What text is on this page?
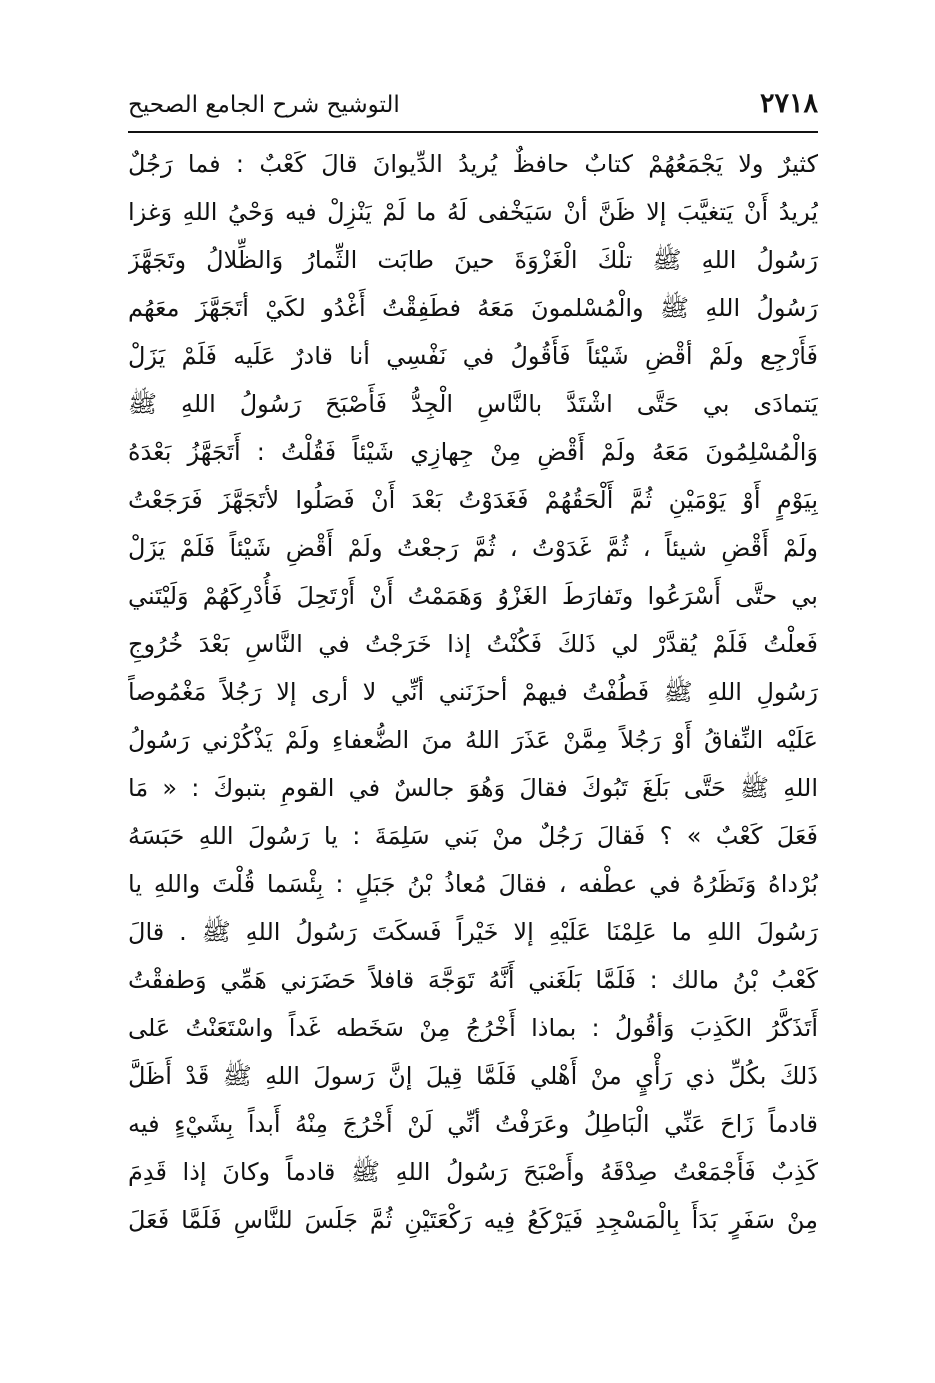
٢٧١٨
التوشيح شرح الجامع الصحيح
كثيرٌ ولا يَجْمَعُهُمْ كتابٌ حافظٌ يُريدُ الدِّيوانَ قالَ كَعْبٌ : فما رَجُلٌ
يُريدُ أَنْ يَتغيَّبَ إلا ظَنَّ أنْ سَيَخْفى لَهُ ما لَمْ يَنْزِلْ فيه وَحْيُ اللهِ وَغزا
رَسُولُ اللهِ ﷺ تلْكَ الْغَزْوَةَ حينَ طابَت الثِّمارُ وَالظِّلالُ وتَجَهَّزَ
رَسُولُ اللهِ ﷺ والْمُسْلمونَ مَعَهُ فطَفِقْتُ أَغْدُو لكَيْ أتَجَهَّزَ معَهُم
فَأَرْجِع ولَمْ أقْضِ شَيْئاً فَأَقُولُ في نَفْسِي أنا قادرٌ عَلَيه فَلَمْ يَزَلْ
يَتمادَى بي حَتَّى اشْتَدَّ بالنَّاسِ الْجِدُّ فَأَصْبَحَ رَسُولُ اللهِ ﷺ
وَالْمُسْلِمُونَ مَعَهُ ولَمْ أَقْضِ مِنْ جِهازِي شَيْئاً فَقُلْتُ : أَتَجَهَّزُ بَعْدَهُ
بِيَوْمٍ أَوْ يَوْمَيْنِ ثُمَّ أَلْحَقُهُمْ فَغَدَوْتُ بَعْدَ أَنْ فَصَلُوا لأتَجَهَّزَ فَرَجَعْتُ
ولَمْ أَقْضِ شيئاً ، ثُمَّ غَدَوْتُ ، ثُمَّ رَجعْتُ ولَمْ أَقْضِ شَيْئاً فَلَمْ يَزَلْ
بي حتَّى أَسْرَعُوا وتَفارَطَ الغَزْوُ وَهَمَمْتُ أَنْ أَرْتَحِلَ فَأُدْرِكَهُمْ وَلَيْتَني
فَعلْتُ فَلَمْ يُقدَّرْ لي ذَلكَ فَكُنْتُ إذا خَرَجْتُ في النَّاسِ بَعْدَ خُرُوجِ
رَسُولِ اللهِ ﷺ فَطُفْتُ فيهمْ أحزَنَني أنِّي لا أرى إلا رَجُلاً مَغْمُوصاً
عَلَيْه النِّفاقُ أَوْ رَجُلاً مِمَّنْ عَذَرَ اللهُ منَ الضُّعفاءِ ولَمْ يَذْكُرْني رَسُولُ
اللهِ ﷺ حَتَّى بَلَغَ تَبُوكَ فقالَ وَهُوَ جالسٌ في القومِ بتبوكَ : « مَا
فَعَلَ كَعْبٌ » ؟ فَقالَ رَجُلٌ منْ بَني سَلِمَةَ : يا رَسُولَ اللهِ حَبَسَهُ
بُرْداهُ وَنَظَرُهُ في عطْفه ، فقالَ مُعاذُ بْنُ جَبَلٍ : بِئْسَما قُلْتَ واللهِ يا
رَسُولَ اللهِ ما عَلِمْنَا عَلَيْهِ إلا خَيْراً فَسكَتَ رَسُولُ اللهِ ﷺ . قالَ
كَعْبُ بْنُ مالك : فَلَمَّا بَلَغَني أَنَّهُ تَوَجَّهَ قافلاً حَضَرَني هَمِّي وَطفقْتُ
أَتَذَكَّرُ الكَذِبَ وَأقُولُ : بماذا أَخْرُجُ مِنْ سَخَطه غَداً واسْتَعَنْتُ عَلى
ذَلكَ بكُلِّ ذي رَأْيٍ منْ أَهْلي فَلَمَّا قِيلَ إنَّ رَسولَ اللهِ ﷺ قَدْ أَظَلَّ
قادماً زَاحَ عَنِّي الْبَاطِلُ وعَرَفْتُ أنِّي لَنْ أَخْرُجَ مِنْهُ أَبداً بِشَيْءٍ فيه
كَذِبٌ فَأَجْمَعْتُ صِدْقَهُ وأَصْبَحَ رَسُولُ اللهِ ﷺ قادماً وكانَ إذا قَدِمَ
مِنْ سَفَرٍ بَدَأَ بِالْمَسْجِدِ فَيَرْكَعُ فِيه رَكْعَتَيْنِ ثُمَّ جَلَسَ للنَّاسِ فَلَمَّا فَعَلَ
